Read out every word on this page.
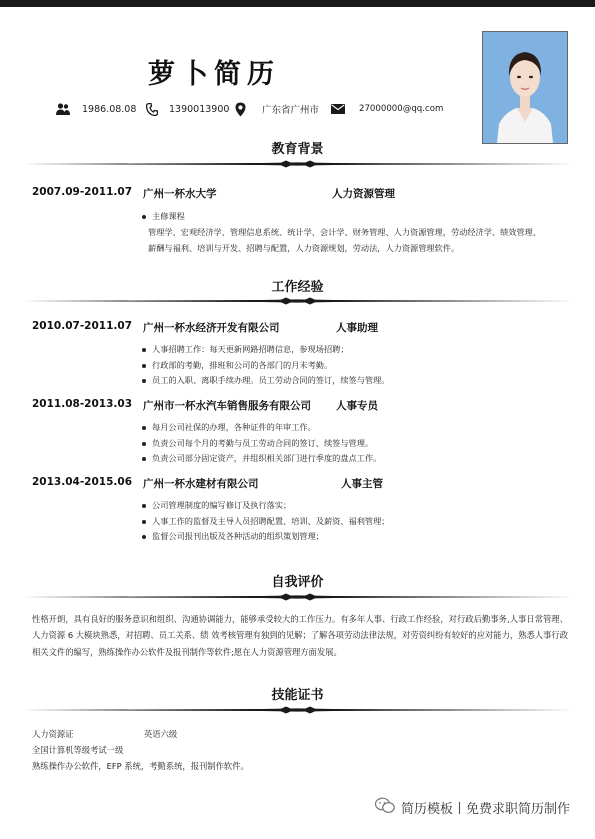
萝卜简历
1986.08.08	1390013900	广东省广州市	27000000@qq.com
教育背景
2007.09-2011.07 广州一杯水大学	人力资源管理
主修课程
管理学、宏观经济学、管理信息系统、统计学、会计学、财务管理、人力资源管理，劳动经济学、绩效管理、薪酬与福利、培训与开发、招聘与配置，人力资源规划，劳动法，人力资源管理软件。
工作经验
2010.07-2011.07 广州一杯水经济开发有限公司	人事助理
人事招聘工作：每天更新网路招聘信息，参现场招聘；
行政部的考勤，排班和公司的各部门的月末考勤。
员工的入职、离职手续办理。员工劳动合同的签订，续签与管理。
2011.08-2013.03 广州市一杯水汽车销售服务有限公司 人事专员
每月公司社保的办理，各种证件的年审工作。
负责公司每个月的考勤与员工劳动合同的签订、续签与管理。
负责公司部分固定资产，并组织相关部门进行季度的盘点工作。
2013.04-2015.06 广州一杯水建材有限公司	人事主管
公司管理制度的编写修订及执行落实；
人事工作的监督及主导人员招聘配置、培训、及薪资、福利管理；
监督公司报刊出版及各种活动的组织策划管理；
自我评价
性格开朗，具有良好的服务意识和组织、沟通协调能力，能够承受较大的工作压力。有多年人事、行政工作经验，对行政后勤事务,人事日常管理、人力资源 6 大模块熟悉，对招聘、员工关系、绩 效考核管理有独到的见解；了解各项劳动法律法规，对劳资纠纷有较好的应对能力，熟悉人事行政相关文件的编写，熟练操作办公软件及报刊制作等软件;愿在人力资源管理方面发展。
技能证书
人力资源证	英语六级
全国计算机等级考试一级
熟练操作办公软件，EFP 系统，考勤系统，报刊制作软件。
简历模板丨免费求职简历制作
